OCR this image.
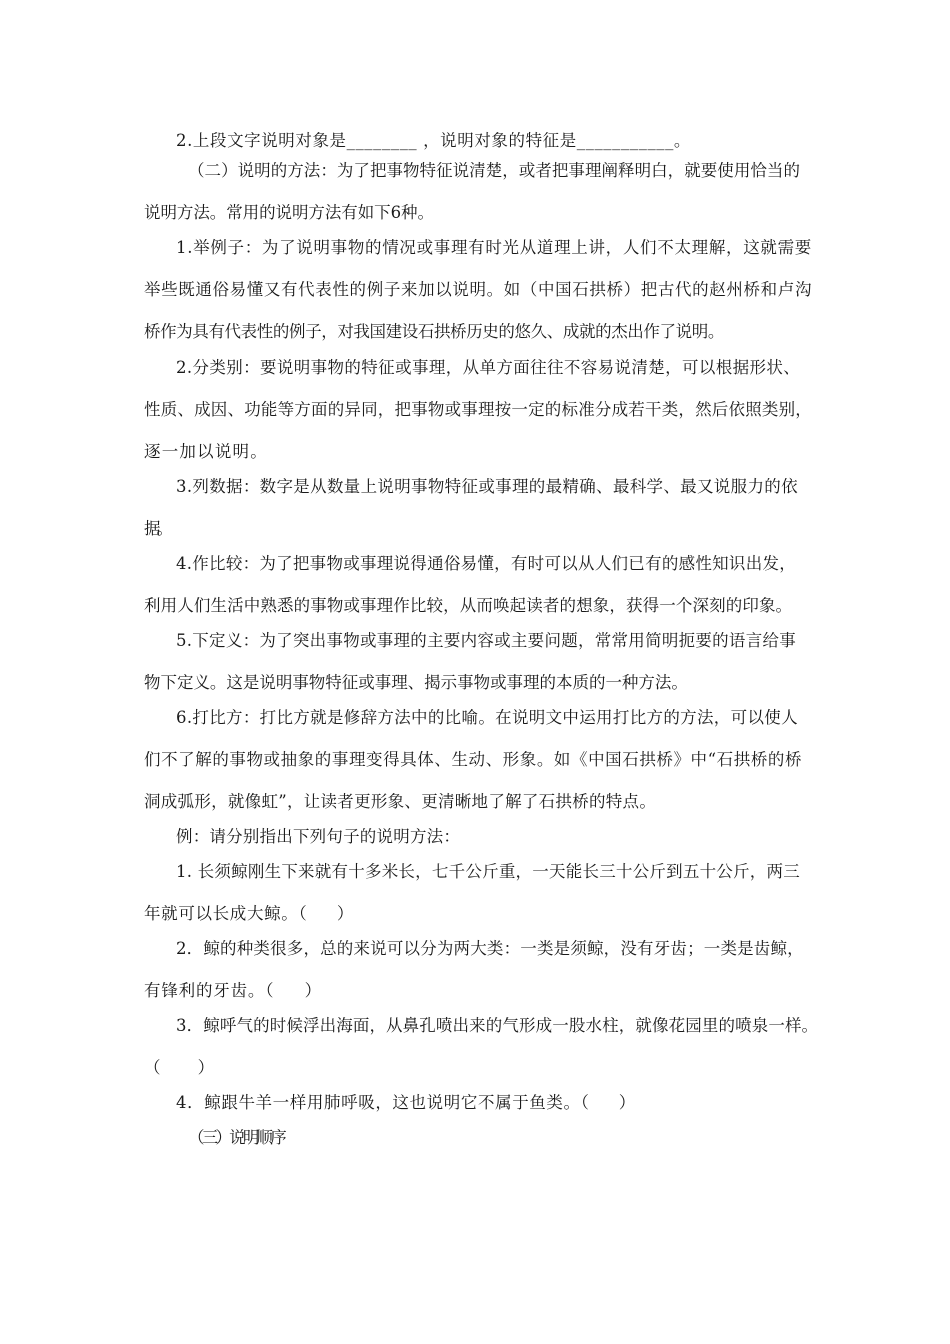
2.上段文字说明对象是________ ，说明对象的特征是___________。
（二）说明的方法：为了把事物特征说清楚，或者把事理阐释明白，就要使用恰当的
说明方法。常用的说明方法有如下6种。
1.举例子：为了说明事物的情况或事理有时光从道理上讲，人们不太理解，这就需要
举些既通俗易懂又有代表性的例子来加以说明。如（中国石拱桥）把古代的赵州桥和卢沟
桥作为具有代表性的例子，对我国建设石拱桥历史的悠久、成就的杰出作了说明。
2.分类别：要说明事物的特征或事理，从单方面往往不容易说清楚，可以根据形状、
性质、成因、功能等方面的异同，把事物或事理按一定的标准分成若干类，然后依照类别，
逐一加以说明。
3.列数据：数字是从数量上说明事物特征或事理的最精确、最科学、最又说服力的依
据。
4.作比较：为了把事物或事理说得通俗易懂，有时可以从人们已有的感性知识出发，
利用人们生活中熟悉的事物或事理作比较，从而唤起读者的想象，获得一个深刻的印象。
5.下定义：为了突出事物或事理的主要内容或主要问题，常常用简明扼要的语言给事
物下定义。这是说明事物特征或事理、揭示事物或事理的本质的一种方法。
6.打比方：打比方就是修辞方法中的比喻。在说明文中运用打比方的方法，可以使人
们不了解的事物或抽象的事理变得具体、生动、形象。如《中国石拱桥》中“石拱桥的桥
洞成弧形，就像虹”，让读者更形象、更清晰地了解了石拱桥的特点。
例：请分别指出下列句子的说明方法：
1. 长须鲸刚生下来就有十多米长，七千公斤重，一天能长三十公斤到五十公斤，两三
年就可以长成大鲸。（     ）
2．鲸的种类很多，总的来说可以分为两大类：一类是须鲸，没有牙齿；一类是齿鲸，
有锋利的牙齿。（     ）
3．鲸呼气的时候浮出海面，从鼻孔喷出来的气形成一股水柱，就像花园里的喷泉一样。
（     ）
4．鲸跟牛羊一样用肺呼吸，这也说明它不属于鱼类。（     ）
（三）说明顺序
